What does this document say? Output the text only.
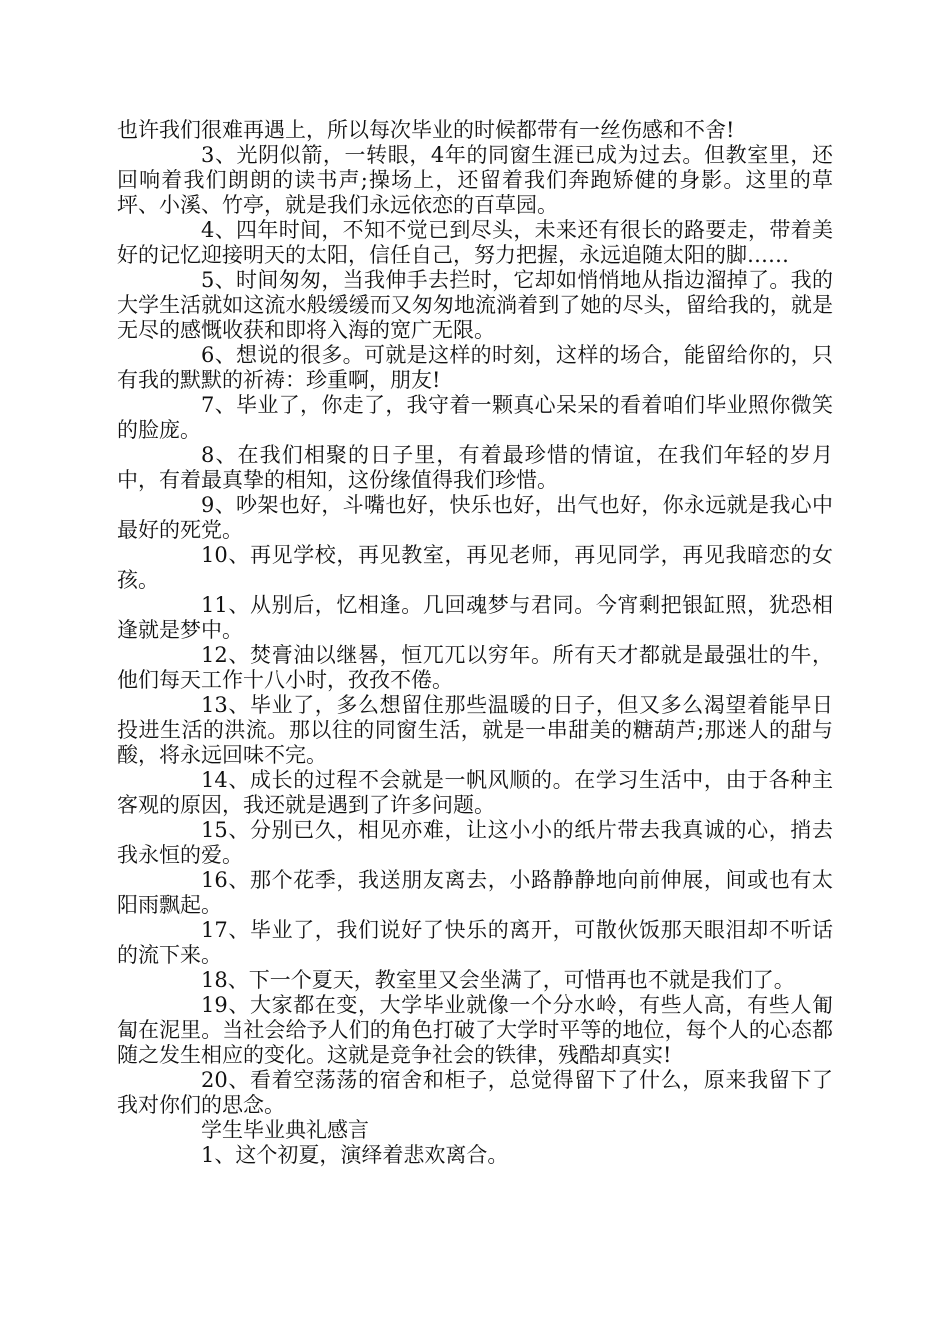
也许我们很难再遇上，所以每次毕业的时候都带有一丝伤感和不舍!

3、光阴似箭，一转眼，4年的同窗生涯已成为过去。但教室里，还回响着我们朗朗的读书声;操场上，还留着我们奔跑矫健的身影。这里的草坪、小溪、竹亭，就是我们永远依恋的百草园。

4、四年时间，不知不觉已到尽头，未来还有很长的路要走，带着美好的记忆迎接明天的太阳，信任自己，努力把握，永远追随太阳的脚……

5、时间匆匆，当我伸手去拦时，它却如悄悄地从指边溜掉了。我的大学生活就如这流水般缓缓而又匆匆地流淌着到了她的尽头，留给我的，就是无尽的感慨收获和即将入海的宽广无限。

6、想说的很多。可就是这样的时刻，这样的场合，能留给你的，只有我的默默的祈祷：珍重啊，朋友!

7、毕业了，你走了，我守着一颗真心呆呆的看着咱们毕业照你微笑的脸庞。

8、在我们相聚的日子里，有着最珍惜的情谊，在我们年轻的岁月中，有着最真挚的相知，这份缘值得我们珍惜。

9、吵架也好，斗嘴也好，快乐也好，出气也好，你永远就是我心中最好的死党。

10、再见学校，再见教室，再见老师，再见同学，再见我暗恋的女孩。

11、从别后，忆相逢。几回魂梦与君同。今宵剩把银缸照，犹恐相逢就是梦中。

12、焚膏油以继晷，恒兀兀以穷年。所有天才都就是最强壮的牛，他们每天工作十八小时，孜孜不倦。

13、毕业了，多么想留住那些温暖的日子，但又多么渴望着能早日投进生活的洪流。那以往的同窗生活，就是一串甜美的糖葫芦;那迷人的甜与酸，将永远回味不完。

14、成长的过程不会就是一帆风顺的。在学习生活中，由于各种主客观的原因，我还就是遇到了许多问题。

15、分别已久，相见亦难，让这小小的纸片带去我真诚的心，捎去我永恒的爱。

16、那个花季，我送朋友离去，小路静静地向前伸展，间或也有太阳雨飘起。

17、毕业了，我们说好了快乐的离开，可散伙饭那天眼泪却不听话的流下来。

18、下一个夏天，教室里又会坐满了，可惜再也不就是我们了。

19、大家都在变，大学毕业就像一个分水岭，有些人高，有些人匍匐在泥里。当社会给予人们的角色打破了大学时平等的地位，每个人的心态都随之发生相应的变化。这就是竞争社会的铁律，残酷却真实!

20、看着空荡荡的宿舍和柜子，总觉得留下了什么，原来我留下了我对你们的思念。

学生毕业典礼感言

1、这个初夏，演绎着悲欢离合。
